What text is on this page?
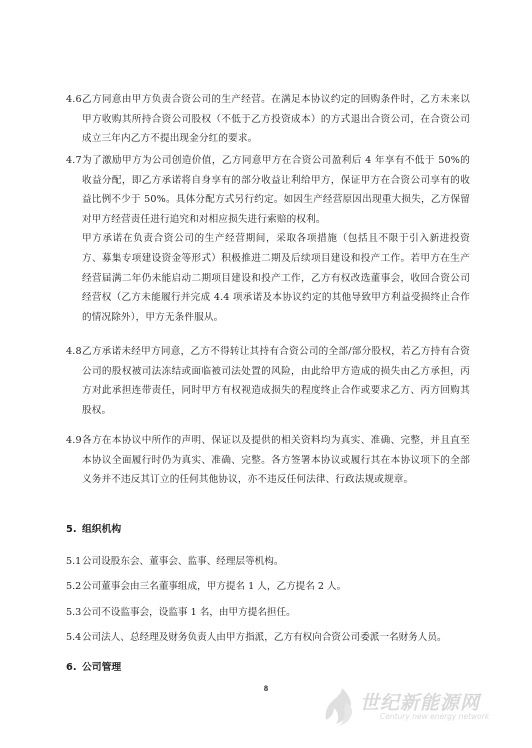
4.6 乙方同意由甲方负责合资公司的生产经营。在满足本协议约定的回购条件时，乙方未来以甲方收购其所持合资公司股权（不低于乙方投资成本）的方式退出合资公司，在合资公司成立三年内乙方不提出现金分红的要求。
4.7 为了激励甲方为公司创造价值，乙方同意甲方在合资公司盈利后 4 年享有不低于 50%的收益分配，即乙方承诺将自身享有的部分收益让利给甲方，保证甲方在合资公司享有的收益比例不少于 50%。具体分配方式另行约定。如因生产经营原因出现重大损失，乙方保留对甲方经营责任进行追究和对相应损失进行索赔的权利。
甲方承诺在负责合资公司的生产经营期间，采取各项措施（包括且不限于引入新进投资方、募集专项建设资金等形式）积极推进二期及后续项目建设和投产工作。若甲方在生产经营届满二年仍未能启动二期项目建设和投产工作，乙方有权改选董事会，收回合资公司经营权（乙方未能履行并完成 4.4 项承诺及本协议约定的其他导致甲方利益受损终止合作的情况除外），甲方无条件服从。
4.8 乙方承诺未经甲方同意，乙方不得转让其持有合资公司的全部/部分股权，若乙方持有合资公司的股权被司法冻结或面临被司法处置的风险，由此给甲方造成的损失由乙方承担，丙方对此承担连带责任，同时甲方有权视造成损失的程度终止合作或要求乙方、丙方回购其股权。
4.9 各方在本协议中所作的声明、保证以及提供的相关资料均为真实、准确、完整，并且直至本协议全面履行时仍为真实、准确、完整。各方签署本协议或履行其在本协议项下的全部义务并不违反其订立的任何其他协议，亦不违反任何法律、行政法规或规章。
5. 组织机构
5.1公司设股东会、董事会、监事、经理层等机构。
5.2公司董事会由三名董事组成，甲方提名 1 人，乙方提名 2 人。
5.3公司不设监事会，设监事 1 名，由甲方提名担任。
5.4公司法人、总经理及财务负责人由甲方指派，乙方有权向合资公司委派一名财务人员。
6. 公司管理
8
世纪新能源网
Century new energy network
